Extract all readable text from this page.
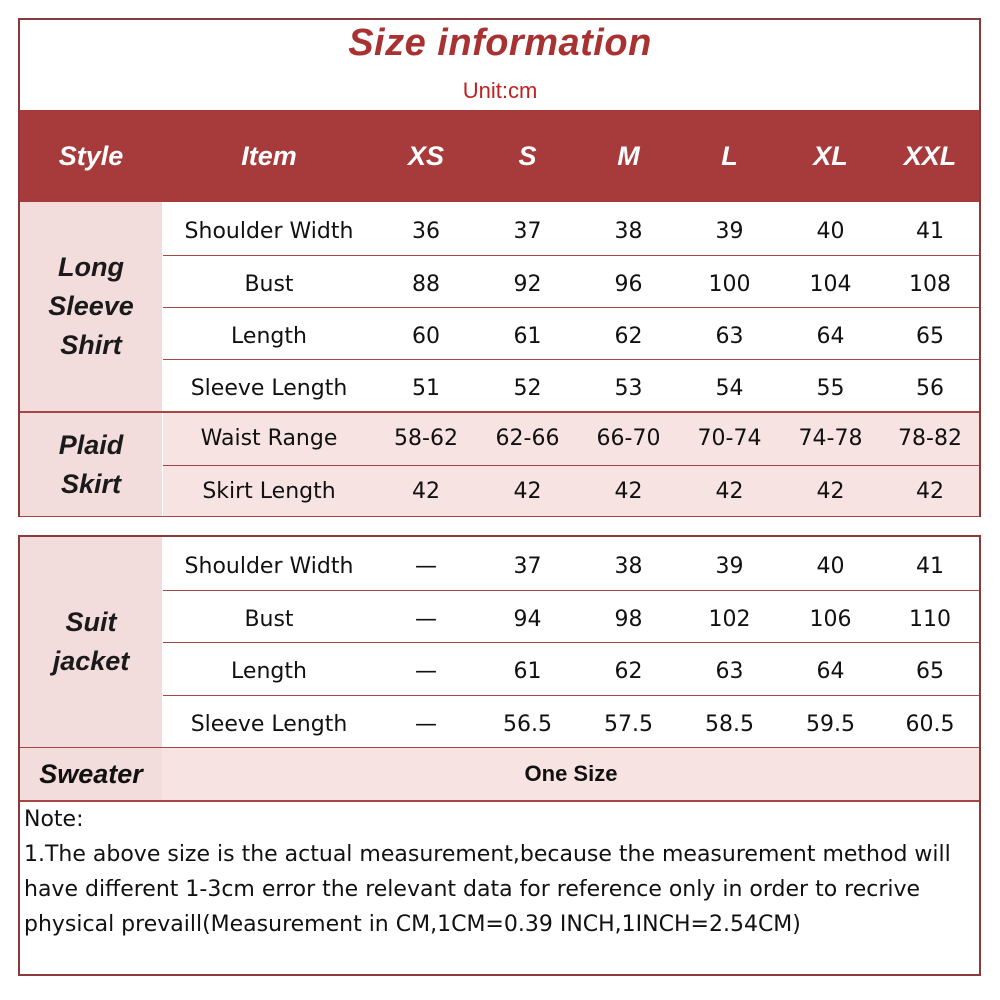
Size information
Unit:cm
Style	Item	XS	S	M	L	XL	XXL
Long
Sleeve
Shirt
Shoulder Width	36	37	38	39	40	41
Bust	88	92	96	100	104	108
Length	60	61	62	63	64	65
Sleeve Length	51	52	53	54	55	56
Plaid
Skirt
Waist Range	58-62	62-66	66-70	70-74	74-78	78-82
Skirt Length	42	42	42	42	42	42
Suit
jacket
Shoulder Width	—	37	38	39	40	41
Bust	—	94	98	102	106	110
Length	—	61	62	63	64	65
Sleeve Length	—	56.5	57.5	58.5	59.5	60.5
Sweater	One Size

Note:

1.The above size is the actual measurement,because the measurement method will have different 1-3cm error the relevant data for reference only in order to recrive physical prevaill(Measurement in CM,1CM=0.39 INCH,1INCH=2.54CM)
